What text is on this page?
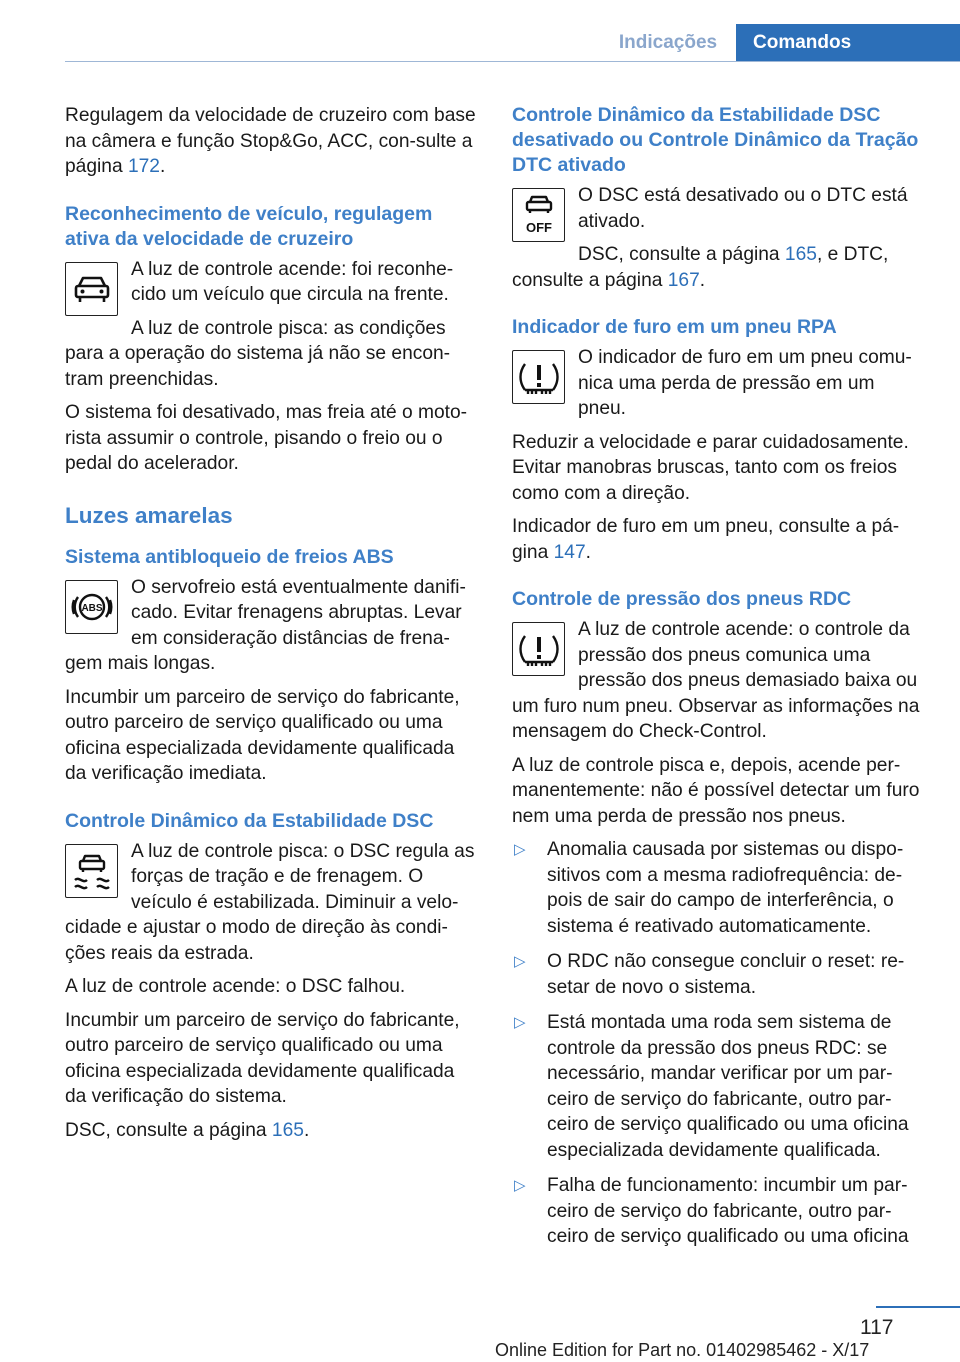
Indicações	Comandos

Regulagem da velocidade de cruzeiro com base na câmera e função Stop&Go, ACC, con‐sulte a página 172.

Reconhecimento de veículo, regulagem ativa da velocidade de cruzeiro

A luz de controle acende: foi reconhe‐cido um veículo que circula na frente.

A luz de controle pisca: as condições para a operação do sistema já não se encon‐tram preenchidas.

O sistema foi desativado, mas freia até o moto‐rista assumir o controle, pisando o freio ou o pedal do acelerador.

Luzes amarelas
Sistema antibloqueio de freios ABS
ABS

O servofreio está eventualmente danifi‐cado. Evitar frenagens abruptas. Levar em consideração distâncias de frena‐gem mais longas.

Incumbir um parceiro de serviço do fabricante, outro parceiro de serviço qualificado ou uma oficina especializada devidamente qualificada da verificação imediata.

Controle Dinâmico da Estabilidade DSC

A luz de controle pisca: o DSC regula as forças de tração e de frenagem. O veículo é estabilizada. Diminuir a velo‐cidade e ajustar o modo de direção às condi‐ções reais da estrada.

A luz de controle acende: o DSC falhou.

Incumbir um parceiro de serviço do fabricante, outro parceiro de serviço qualificado ou uma oficina especializada devidamente qualificada da verificação do sistema.

DSC, consulte a página 165.

Controle Dinâmico da Estabilidade DSC desativado ou Controle Dinâmico da Tração DTC ativado
OFF

O DSC está desativado ou o DTC está ativado.

DSC, consulte a página 165, e DTC, consulte a página 167.

Indicador de furo em um pneu RPA

O indicador de furo em um pneu comu‐nica uma perda de pressão em um pneu.

Reduzir a velocidade e parar cuidadosamente. Evitar manobras bruscas, tanto com os freios como com a direção.

Indicador de furo em um pneu, consulte a pá‐gina 147.

Controle de pressão dos pneus RDC

A luz de controle acende: o controle da pressão dos pneus comunica uma pressão dos pneus demasiado baixa ou um furo num pneu. Observar as informações na mensagem do Check-Control.

A luz de controle pisca e, depois, acende per‐manentemente: não é possível detectar um furo nem uma perda de pressão nos pneus.

▷ Anomalia causada por sistemas ou dispo‐sitivos com a mesma radiofrequência: de‐pois de sair do campo de interferência, o sistema é reativado automaticamente.
▷ O RDC não consegue concluir o reset: re‐setar de novo o sistema.
▷ Está montada uma roda sem sistema de controle da pressão dos pneus RDC: se necessário, mandar verificar por um par‐ceiro de serviço do fabricante, outro par‐ceiro de serviço qualificado ou uma oficina especializada devidamente qualificada.
▷ Falha de funcionamento: incumbir um par‐ceiro de serviço do fabricante, outro par‐ceiro de serviço qualificado ou uma oficina
117
Online Edition for Part no. 01402985462 - X/17
